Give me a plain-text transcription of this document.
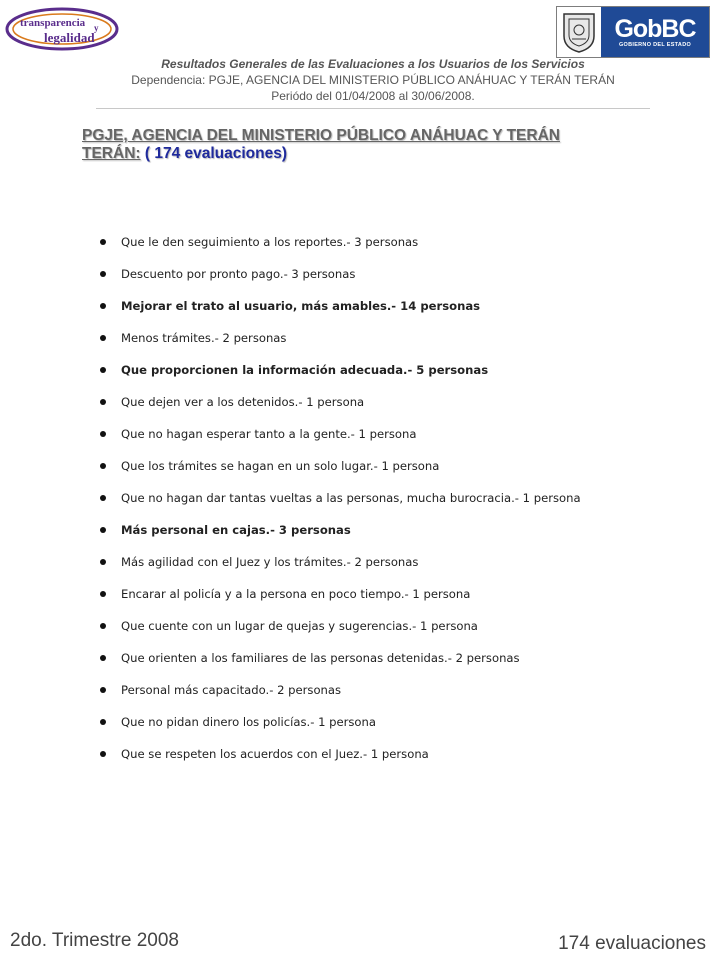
transparencia y
legalidad	GobBC
GOBIERNO DEL ESTADO
Resultados Generales de las Evaluaciones a los Usuarios de los Servicios
Dependencia: PGJE, AGENCIA DEL MINISTERIO PÚBLICO ANÁHUAC Y TERÁN TERÁN
Periódo del 01/04/2008 al 30/06/2008.
PGJE, AGENCIA DEL MINISTERIO PÚBLICO ANÁHUAC Y TERÁN TERÁN: ( 174 evaluaciones)
Que le den seguimiento a los reportes.- 3 personas
Descuento por pronto pago.- 3 personas
Mejorar el trato al usuario, más amables.- 14 personas
Menos trámites.- 2 personas
Que proporcionen la información adecuada.- 5 personas
Que dejen ver a los detenidos.- 1 persona
Que no hagan esperar tanto a la gente.- 1 persona
Que los trámites se hagan en un solo lugar.- 1 persona
Que no hagan dar tantas vueltas a las personas, mucha burocracia.- 1 persona
Más personal en cajas.- 3 personas
Más agilidad con el Juez y los trámites.- 2 personas
Encarar al policía y a la persona en poco tiempo.- 1 persona
Que cuente con un lugar de quejas y sugerencias.- 1 persona
Que orienten a los familiares de las personas detenidas.- 2 personas
Personal más capacitado.- 2 personas
Que no pidan dinero los policías.- 1 persona
Que se respeten los acuerdos con el Juez.- 1 persona
2do. Trimestre 2008	174 evaluaciones
